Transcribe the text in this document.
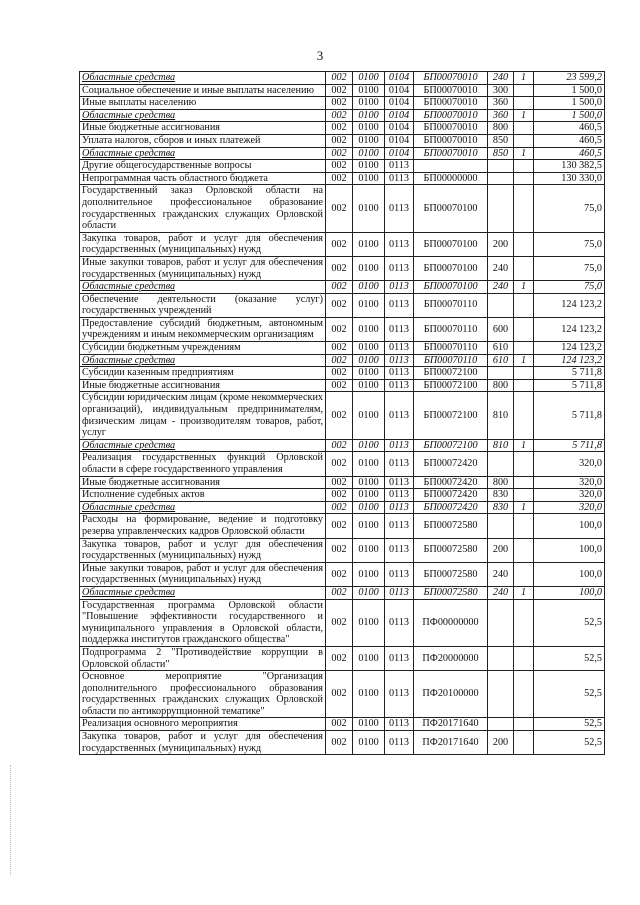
3
Областные средства	002	0100	0104	БП00070010	240	1	23 599,2
Социальное обеспечение и иные выплаты населению	002	0100	0104	БП00070010	300		1 500,0
Иные выплаты населению	002	0100	0104	БП00070010	360		1 500,0
Областные средства	002	0100	0104	БП00070010	360	1	1 500,0
Иные бюджетные ассигнования	002	0100	0104	БП00070010	800		460,5
Уплата налогов, сборов и иных платежей	002	0100	0104	БП00070010	850		460,5
Областные средства	002	0100	0104	БП00070010	850	1	460,5
Другие общегосударственные вопросы	002	0100	0113				130 382,5
Непрограммная часть областного бюджета	002	0100	0113	БП00000000			130 330,0
Государственный заказ Орловской области на дополнительное профессиональное образование государственных гражданских служащих Орловской области	002	0100	0113	БП00070100			75,0
Закупка товаров, работ и услуг для обеспечения государственных (муниципальных) нужд	002	0100	0113	БП00070100	200		75,0
Иные закупки товаров, работ и услуг для обеспечения государственных (муниципальных) нужд	002	0100	0113	БП00070100	240		75,0
Областные средства	002	0100	0113	БП00070100	240	1	75,0
Обеспечение деятельности (оказание услуг) государственных учреждений	002	0100	0113	БП00070110			124 123,2
Предоставление субсидий бюджетным, автономным учреждениям и иным некоммерческим организациям	002	0100	0113	БП00070110	600		124 123,2
Субсидии бюджетным учреждениям	002	0100	0113	БП00070110	610		124 123,2
Областные средства	002	0100	0113	БП00070110	610	1	124 123,2
Субсидии казенным предприятиям	002	0100	0113	БП00072100			5 711,8
Иные бюджетные ассигнования	002	0100	0113	БП00072100	800		5 711,8
Субсидии юридическим лицам (кроме некоммерческих организаций), индивидуальным предпринимателям, физическим лицам - производителям товаров, работ, услуг	002	0100	0113	БП00072100	810		5 711,8
Областные средства	002	0100	0113	БП00072100	810	1	5 711,8
Реализация государственных функций Орловской области в сфере государственного управления	002	0100	0113	БП00072420			320,0
Иные бюджетные ассигнования	002	0100	0113	БП00072420	800		320,0
Исполнение судебных актов	002	0100	0113	БП00072420	830		320,0
Областные средства	002	0100	0113	БП00072420	830	1	320,0
Расходы на формирование, ведение и подготовку резерва управленческих кадров Орловской области	002	0100	0113	БП00072580			100,0
Закупка товаров, работ и услуг для обеспечения государственных (муниципальных) нужд	002	0100	0113	БП00072580	200		100,0
Иные закупки товаров, работ и услуг для обеспечения государственных (муниципальных) нужд	002	0100	0113	БП00072580	240		100,0
Областные средства	002	0100	0113	БП00072580	240	1	100,0
Государственная программа Орловской области "Повышение эффективности государственного и муниципального управления в Орловской области, поддержка институтов гражданского общества"	002	0100	0113	ПФ00000000			52,5
Подпрограмма 2 "Противодействие коррупции в Орловской области"	002	0100	0113	ПФ20000000			52,5
Основное мероприятие "Организация дополнительного профессионального образования государственных гражданских служащих Орловской области по антикоррупционной тематике"	002	0100	0113	ПФ20100000			52,5
Реализация основного мероприятия	002	0100	0113	ПФ20171640			52,5
Закупка товаров, работ и услуг для обеспечения государственных (муниципальных) нужд	002	0100	0113	ПФ20171640	200		52,5
